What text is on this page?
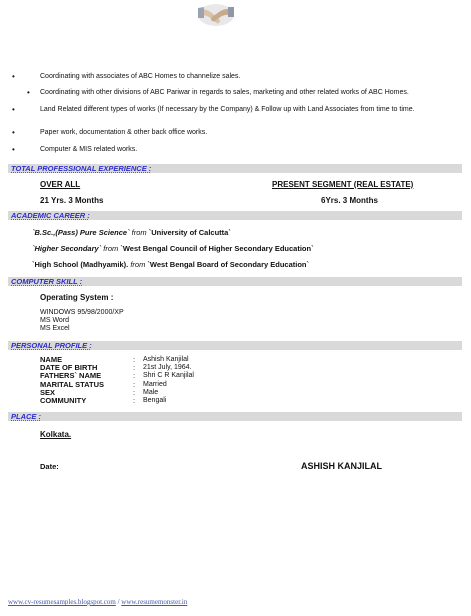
•	Coordinating with associates of ABC Homes to channelize sales.
• Coordinating with other divisions of ABC Pariwar in regards to sales, marketing and other related works of ABC Homes.
•	Land Related different types of works (If necessary by the Company) & Follow up with Land Associates from time to time.
•	Paper work, documentation & other back office works.
•	Computer & MIS related works.
TOTAL PROFESSIONAL EXPERIENCE :
OVER ALL	PRESENT SEGMENT (REAL ESTATE)
21 Yrs. 3 Months	6Yrs. 3 Months
ACADEMIC CAREER :
`B.Sc.,(Pass) Pure Science` from `University of Calcutta`
`Higher Secondary` from `West Bengal Council of Higher Secondary Education`
`High School (Madhyamik). from `West Bengal Board of Secondary Education`
COMPUTER SKILL :
Operating System :
WINDOWS 95/98/2000/XP
MS Word
MS Excel
PERSONAL PROFILE :
NAME	: Ashish Kanjilal
DATE OF BIRTH	: 21st July, 1964.
FATHERS` NAME	: Shri C R Kanjilal
MARITAL STATUS	: Married
SEX	: Male
COMMUNITY	: Bengali
PLACE :
Kolkata.
Date:	ASHISH KANJILAL
www.cv-resumesamples.blogspot.com / www.resumemonster.in
